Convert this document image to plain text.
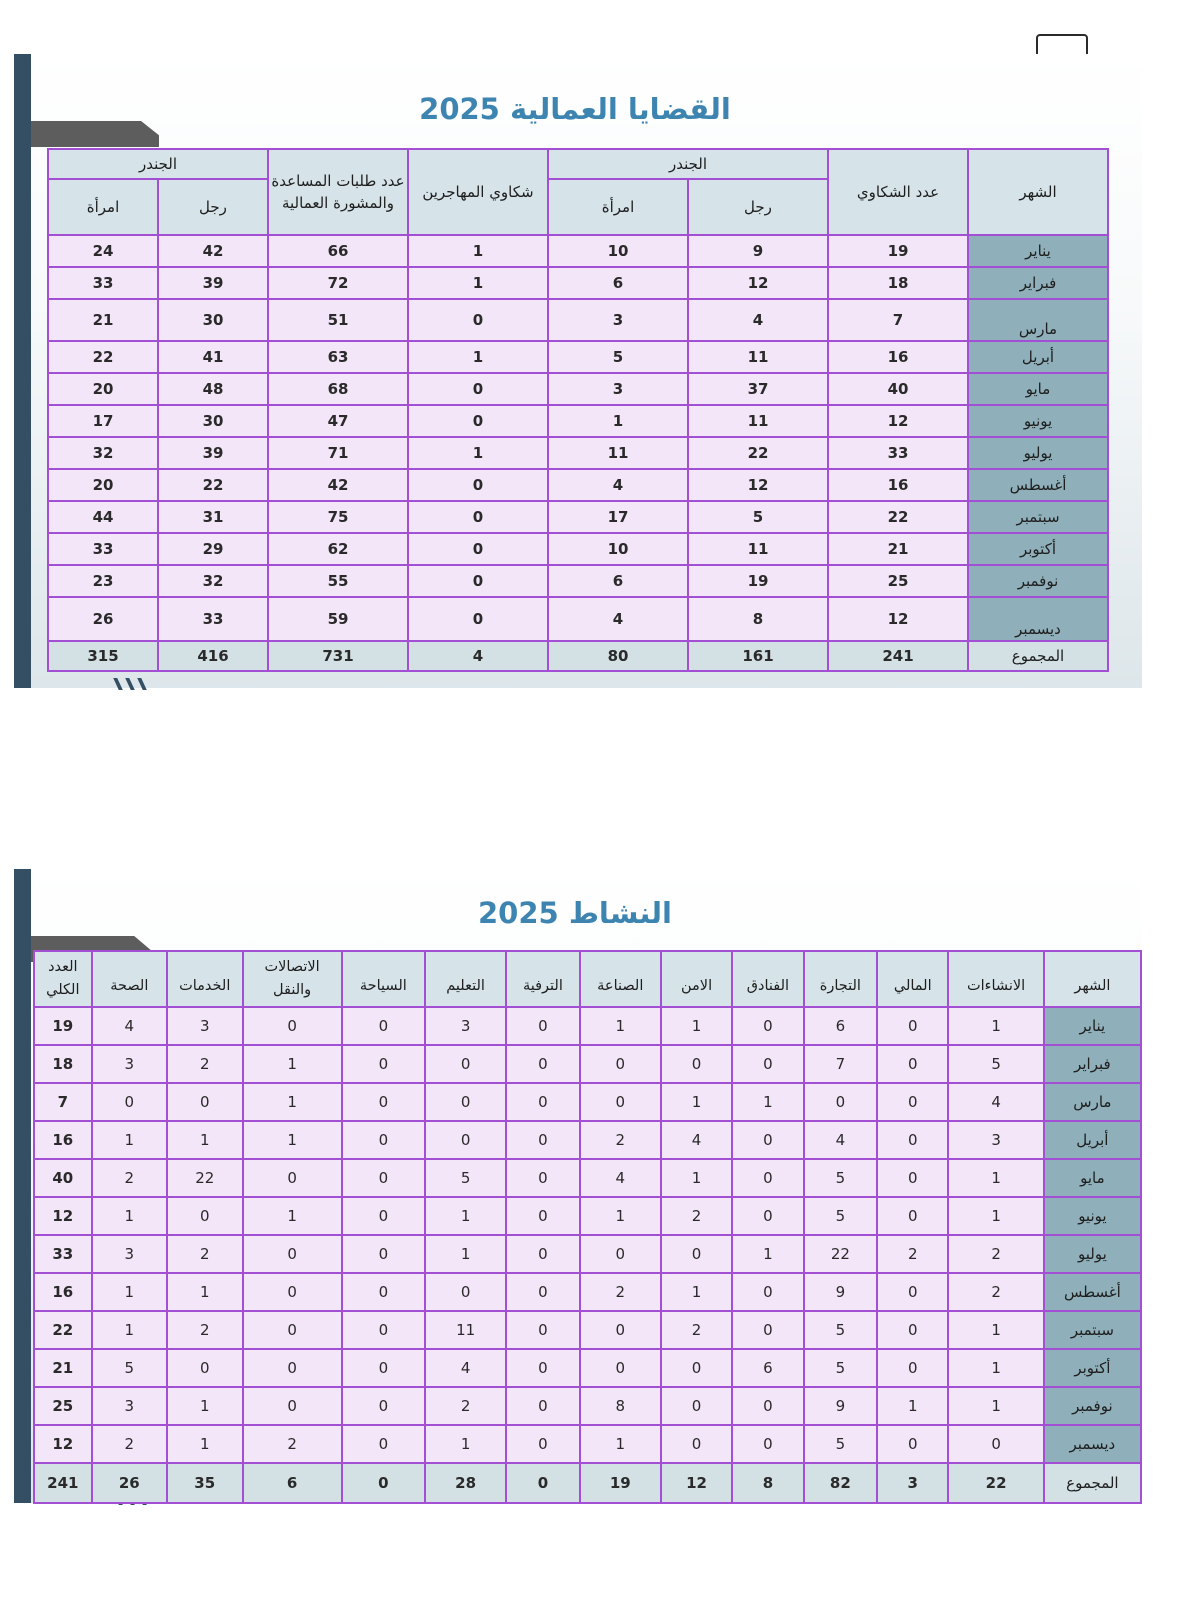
القضايا العمالية 2025
الشهر	عدد الشكاوي	الجندر		شكاوي المهاجرين	عدد طلبات المساعدة والمشورة العمالية	الجندر	
		رجل	امرأة			رجل	امرأة
يناير	19	9	10	1	66	42	24
فبراير	18	12	6	1	72	39	33
مارس	7	4	3	0	51	30	21
أبريل	16	11	5	1	63	41	22
مايو	40	37	3	0	68	48	20
يونيو	12	11	1	0	47	30	17
يوليو	33	22	11	1	71	39	32
أغسطس	16	12	4	0	42	22	20
سبتمبر	22	5	17	0	75	31	44
أكتوبر	21	11	10	0	62	29	33
نوفمبر	25	19	6	0	55	32	23
ديسمبر	12	8	4	0	59	33	26
المجموع	241	161	80	4	731	416	315
النشاط 2025
الشهر	الانشاءات	المالي	التجارة	الفنادق	الامن	الصناعة	الترفية	التعليم	السياحة	الاتصالات والنقل	الخدمات	الصحة	العدد الكلي
يناير	1	0	6	0	1	1	0	3	0	0	3	4	19
فبراير	5	0	7	0	0	0	0	0	0	1	2	3	18
مارس	4	0	0	1	1	0	0	0	0	1	0	0	7
أبريل	3	0	4	0	4	2	0	0	0	1	1	1	16
مايو	1	0	5	0	1	4	0	5	0	0	22	2	40
يونيو	1	0	5	0	2	1	0	1	0	1	0	1	12
يوليو	2	2	22	1	0	0	0	1	0	0	2	3	33
أغسطس	2	0	9	0	1	2	0	0	0	0	1	1	16
سبتمبر	1	0	5	0	2	0	0	11	0	0	2	1	22
أكتوبر	1	0	5	6	0	0	0	4	0	0	0	5	21
نوفمبر	1	1	9	0	0	8	0	2	0	0	1	3	25
ديسمبر	0	0	5	0	0	1	0	1	0	2	1	2	12
المجموع	22	3	82	8	12	19	0	28	0	6	35	26	241
